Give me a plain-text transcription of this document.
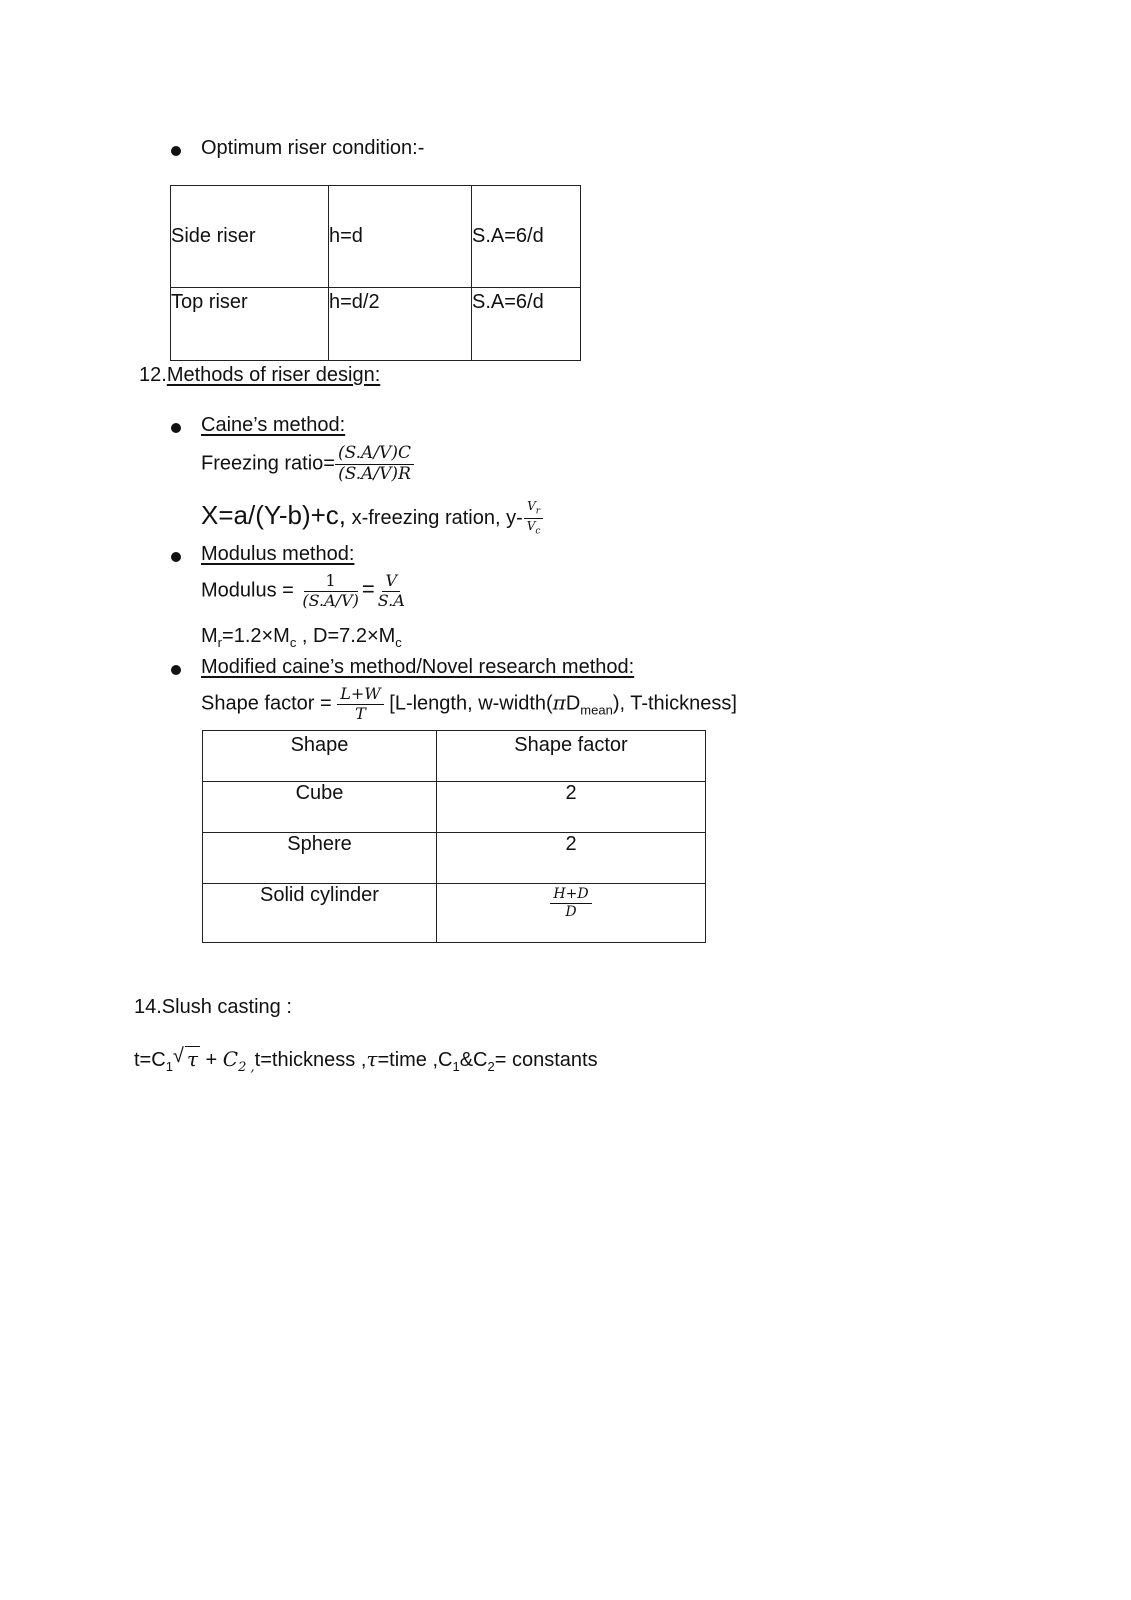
Optimum riser condition:-
Side riser	h=d	S.A=6/d
Top riser	h=d/2	S.A=6/d
12.Methods of riser design:
Caine’s method:
Freezing ratio= $\frac{(S.A/V)C}{(S.A/V)R}$
X=a/(Y-b)+c, x-freezing ration, $y- \frac{V_r}{V_c}$
Modulus method:
Modulus = $\frac{1}{(S.A/V)} = \frac{V}{S.A}$
$M_r=1.2\times M_c$ , $D=7.2\times M_c$
Modified caine’s method/Novel research method:
Shape factor = $\frac{L+W}{T}$ [L-length, $w-width(\pi D_{mean})$, T-thickness]
Shape	Shape factor
Cube	2
Sphere	2
Solid cylinder	$\frac{H+D}{D}$
14.Slush casting :
$t=C_1$ √ $\tau + C_{2 ,}t=thickness$ ,τ=time $,C_1\&C_2=$ constants
